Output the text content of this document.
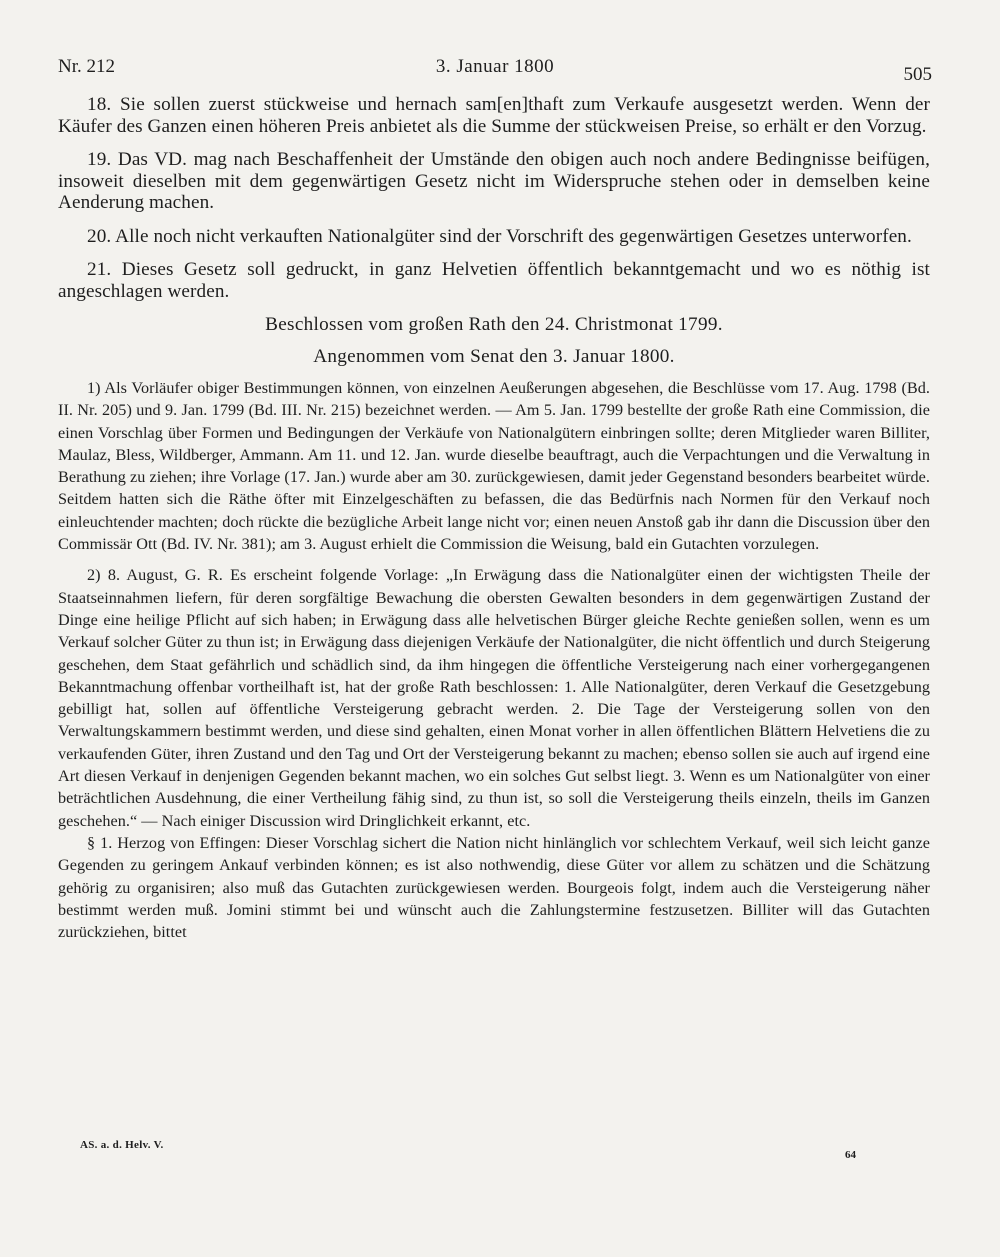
Nr. 212	3. Januar 1800	505

18. Sie sollen zuerst stückweise und hernach sam[en]thaft zum Verkaufe ausgesetzt werden. Wenn der Käufer des Ganzen einen höheren Preis anbietet als die Summe der stückweisen Preise, so erhält er den Vorzug.

19. Das VD. mag nach Beschaffenheit der Umstände den obigen auch noch andere Bedingnisse beifügen, insoweit dieselben mit dem gegenwärtigen Gesetz nicht im Widerspruche stehen oder in demselben keine Aenderung machen.

20. Alle noch nicht verkauften Nationalgüter sind der Vorschrift des gegenwärtigen Gesetzes unterworfen.

21. Dieses Gesetz soll gedruckt, in ganz Helvetien öffentlich bekanntgemacht und wo es nöthig ist angeschlagen werden.

Beschlossen vom großen Rath den 24. Christmonat 1799.

Angenommen vom Senat den 3. Januar 1800.

1) Als Vorläufer obiger Bestimmungen können, von einzelnen Aeußerungen abgesehen, die Beschlüsse vom 17. Aug. 1798 (Bd. II. Nr. 205) und 9. Jan. 1799 (Bd. III. Nr. 215) bezeichnet werden. — Am 5. Jan. 1799 bestellte der große Rath eine Commission, die einen Vorschlag über Formen und Bedingungen der Verkäufe von Nationalgütern einbringen sollte; deren Mitglieder waren Billiter, Maulaz, Bless, Wildberger, Ammann. Am 11. und 12. Jan. wurde dieselbe beauftragt, auch die Verpachtungen und die Verwaltung in Berathung zu ziehen; ihre Vorlage (17. Jan.) wurde aber am 30. zurückgewiesen, damit jeder Gegenstand besonders bearbeitet würde. Seitdem hatten sich die Räthe öfter mit Einzelgeschäften zu befassen, die das Bedürfnis nach Normen für den Verkauf noch einleuchtender machten; doch rückte die bezügliche Arbeit lange nicht vor; einen neuen Anstoß gab ihr dann die Discussion über den Commissär Ott (Bd. IV. Nr. 381); am 3. August erhielt die Commission die Weisung, bald ein Gutachten vorzulegen.

2) 8. August, G. R. Es erscheint folgende Vorlage: „In Erwägung dass die Nationalgüter einen der wichtigsten Theile der Staatseinnahmen liefern, für deren sorgfältige Bewachung die obersten Gewalten besonders in dem gegenwärtigen Zustand der Dinge eine heilige Pflicht auf sich haben; in Erwägung dass alle helvetischen Bürger gleiche Rechte genießen sollen, wenn es um Verkauf solcher Güter zu thun ist; in Erwägung dass diejenigen Verkäufe der Nationalgüter, die nicht öffentlich und durch Steigerung geschehen, dem Staat gefährlich und schädlich sind, da ihm hingegen die öffentliche Versteigerung nach einer vorhergegangenen Bekanntmachung offenbar vortheilhaft ist, hat der große Rath beschlossen: 1. Alle Nationalgüter, deren Verkauf die Gesetzgebung gebilligt hat, sollen auf öffentliche Versteigerung gebracht werden. 2. Die Tage der Versteigerung sollen von den Verwaltungskammern bestimmt werden, und diese sind gehalten, einen Monat vorher in allen öffentlichen Blättern Helvetiens die zu verkaufenden Güter, ihren Zustand und den Tag und Ort der Versteigerung bekannt zu machen; ebenso sollen sie auch auf irgend eine Art diesen Verkauf in denjenigen Gegenden bekannt machen, wo ein solches Gut selbst liegt. 3. Wenn es um Nationalgüter von einer beträchtlichen Ausdehnung, die einer Vertheilung fähig sind, zu thun ist, so soll die Versteigerung theils einzeln, theils im Ganzen geschehen.“ — Nach einiger Discussion wird Dringlichkeit erkannt, etc.

§ 1. Herzog von Effingen: Dieser Vorschlag sichert die Nation nicht hinlänglich vor schlechtem Verkauf, weil sich leicht ganze Gegenden zu geringem Ankauf verbinden können; es ist also nothwendig, diese Güter vor allem zu schätzen und die Schätzung gehörig zu organisiren; also muß das Gutachten zurückgewiesen werden. Bourgeois folgt, indem auch die Versteigerung näher bestimmt werden muß. Jomini stimmt bei und wünscht auch die Zahlungstermine festzusetzen. Billiter will das Gutachten zurückziehen, bittet

AS. a. d. Helv. V.
64
